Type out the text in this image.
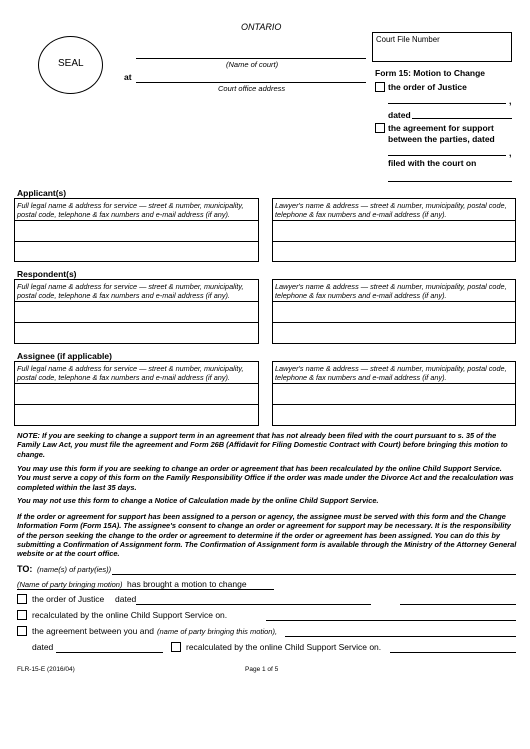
ONTARIO
SEAL	(Name of court)
at
Court office address
Court File Number
Form 15: Motion to Change
the order of Justice
,
dated
the agreement for support between the parties, dated
,
filed with the court on
Applicant(s)
Full legal name & address for service — street & number, municipality, postal code, telephone & fax numbers and e-mail address (if any).
Lawyer's name & address — street & number, municipality, postal code, telephone & fax numbers and e-mail address (if any).
Respondent(s)
Full legal name & address for service — street & number, municipality, postal code, telephone & fax numbers and e-mail address (if any).
Lawyer's name & address — street & number, municipality, postal code, telephone & fax numbers and e-mail address (if any).
Assignee (if applicable)
Full legal name & address for service — street & number, municipality, postal code, telephone & fax numbers and e-mail address (if any).
Lawyer's name & address — street & number, municipality, postal code, telephone & fax numbers and e-mail address (if any).
NOTE: If you are seeking to change a support term in an agreement that has not already been filed with the court pursuant to s. 35 of the Family Law Act, you must file the agreement and Form 26B (Affidavit for Filing Domestic Contract with Court) before bringing this motion to change.
You may use this form if you are seeking to change an order or agreement that has been recalculated by the online Child Support Service. You must serve a copy of this form on the Family Responsibility Office if the order was made under the Divorce Act and the recalculation was completed within the last 35 days.
You may not use this form to change a Notice of Calculation made by the online Child Support Service.
If the order or agreement for support has been assigned to a person or agency, the assignee must be served with this form and the Change Information Form (Form 15A). The assignee's consent to change an order or agreement for support may be necessary. It is the responsibility of the person seeking the change to the order or agreement to determine if the order or agreement has been assigned. You can do this by submitting a Confirmation of Assignment form. The Confirmation of Assignment form is available through the Ministry of the Attorney General website or at the court office.
TO: (name(s) of party(ies))
(Name of party bringing motion) has brought a motion to change
the order of Justice dated
recalculated by the online Child Support Service on.
the agreement between you and (name of party bringing this motion),
dated	recalculated by the online Child Support Service on.
FLR-15-E (2016/04)	Page 1 of 5
